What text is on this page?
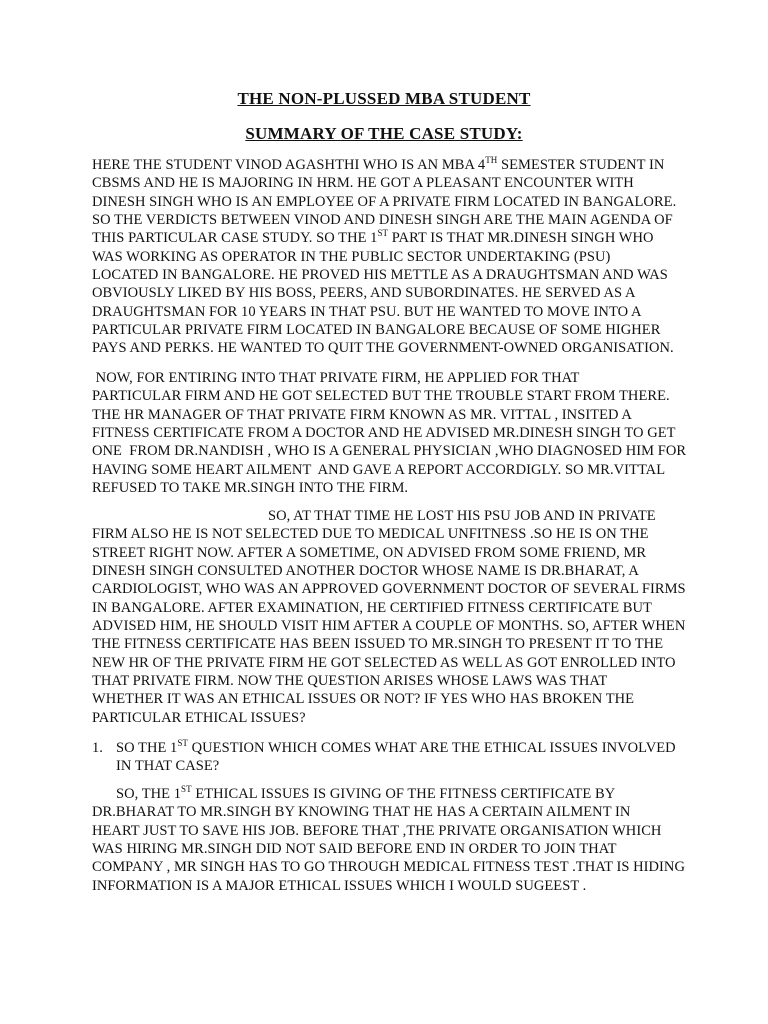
THE NON-PLUSSED MBA STUDENT
SUMMARY OF THE CASE STUDY:
HERE THE STUDENT VINOD AGASHTHI WHO IS AN MBA 4TH SEMESTER STUDENT IN
CBSMS AND HE IS MAJORING IN HRM. HE GOT A PLEASANT ENCOUNTER WITH
DINESH SINGH WHO IS AN EMPLOYEE OF A PRIVATE FIRM LOCATED IN BANGALORE.
SO THE VERDICTS BETWEEN VINOD AND DINESH SINGH ARE THE MAIN AGENDA OF
THIS PARTICULAR CASE STUDY. SO THE 1ST PART IS THAT MR.DINESH SINGH WHO
WAS WORKING AS OPERATOR IN THE PUBLIC SECTOR UNDERTAKING (PSU)
LOCATED IN BANGALORE. HE PROVED HIS METTLE AS A DRAUGHTSMAN AND WAS
OBVIOUSLY LIKED BY HIS BOSS, PEERS, AND SUBORDINATES. HE SERVED AS A
DRAUGHTSMAN FOR 10 YEARS IN THAT PSU. BUT HE WANTED TO MOVE INTO A
PARTICULAR PRIVATE FIRM LOCATED IN BANGALORE BECAUSE OF SOME HIGHER
PAYS AND PERKS. HE WANTED TO QUIT THE GOVERNMENT-OWNED ORGANISATION.
NOW, FOR ENTIRING INTO THAT PRIVATE FIRM, HE APPLIED FOR THAT
PARTICULAR FIRM AND HE GOT SELECTED BUT THE TROUBLE START FROM THERE.
THE HR MANAGER OF THAT PRIVATE FIRM KNOWN AS MR. VITTAL , INSITED A
FITNESS CERTIFICATE FROM A DOCTOR AND HE ADVISED MR.DINESH SINGH TO GET
ONE  FROM DR.NANDISH , WHO IS A GENERAL PHYSICIAN ,WHO DIAGNOSED HIM FOR
HAVING SOME HEART AILMENT  AND GAVE A REPORT ACCORDIGLY. SO MR.VITTAL
REFUSED TO TAKE MR.SINGH INTO THE FIRM.
SO, AT THAT TIME HE LOST HIS PSU JOB AND IN PRIVATE
FIRM ALSO HE IS NOT SELECTED DUE TO MEDICAL UNFITNESS .SO HE IS ON THE
STREET RIGHT NOW. AFTER A SOMETIME, ON ADVISED FROM SOME FRIEND, MR
DINESH SINGH CONSULTED ANOTHER DOCTOR WHOSE NAME IS DR.BHARAT, A
CARDIOLOGIST, WHO WAS AN APPROVED GOVERNMENT DOCTOR OF SEVERAL FIRMS
IN BANGALORE. AFTER EXAMINATION, HE CERTIFIED FITNESS CERTIFICATE BUT
ADVISED HIM, HE SHOULD VISIT HIM AFTER A COUPLE OF MONTHS. SO, AFTER WHEN
THE FITNESS CERTIFICATE HAS BEEN ISSUED TO MR.SINGH TO PRESENT IT TO THE
NEW HR OF THE PRIVATE FIRM HE GOT SELECTED AS WELL AS GOT ENROLLED INTO
THAT PRIVATE FIRM. NOW THE QUESTION ARISES WHOSE LAWS WAS THAT
WHETHER IT WAS AN ETHICAL ISSUES OR NOT? IF YES WHO HAS BROKEN THE
PARTICULAR ETHICAL ISSUES?
1. SO THE 1ST QUESTION WHICH COMES WHAT ARE THE ETHICAL ISSUES INVOLVED
IN THAT CASE?
SO, THE 1ST ETHICAL ISSUES IS GIVING OF THE FITNESS CERTIFICATE BY
DR.BHARAT TO MR.SINGH BY KNOWING THAT HE HAS A CERTAIN AILMENT IN
HEART JUST TO SAVE HIS JOB. BEFORE THAT ,THE PRIVATE ORGANISATION WHICH
WAS HIRING MR.SINGH DID NOT SAID BEFORE END IN ORDER TO JOIN THAT
COMPANY , MR SINGH HAS TO GO THROUGH MEDICAL FITNESS TEST .THAT IS HIDING
INFORMATION IS A MAJOR ETHICAL ISSUES WHICH I WOULD SUGEEST .
